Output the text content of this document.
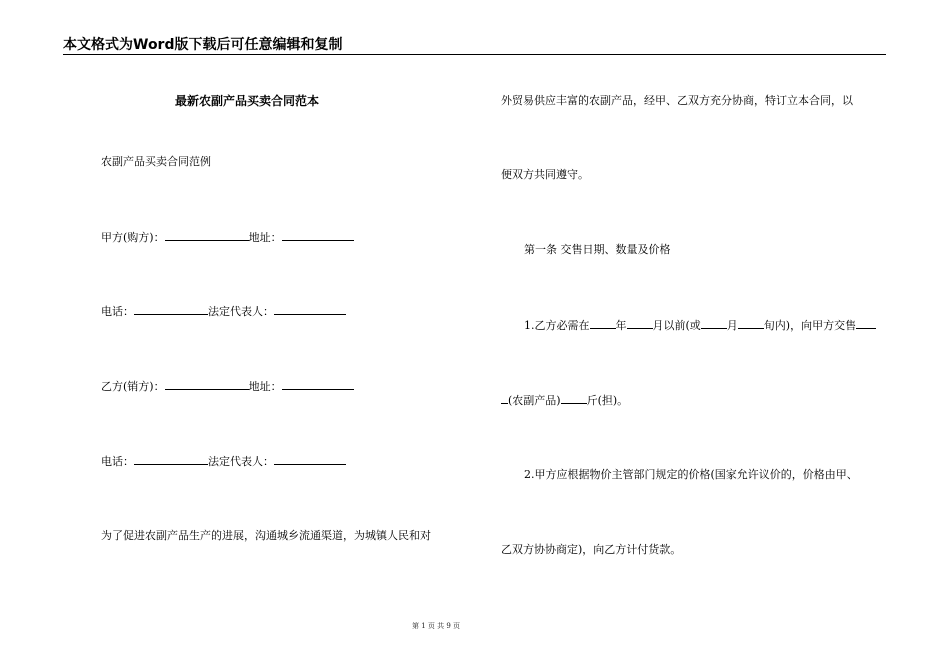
本文格式为Word版下载后可任意编辑和复制
最新农副产品买卖合同范本
农副产品买卖合同范例
甲方(购方)：	地址：
电话：	法定代表人：
乙方(销方)：	地址：
电话：	法定代表人：
为了促进农副产品生产的进展，沟通城乡流通渠道，为城镇人民和对
外贸易供应丰富的农副产品，经甲、乙双方充分协商，特订立本合同，以
便双方共同遵守。
第一条 交售日期、数量及价格
1.乙方必需在 年 月以前(或 月 旬内)，向甲方交售
(农副产品) 斤(担)。
2.甲方应根据物价主管部门规定的价格(国家允许议价的，价格由甲、
乙双方协协商定)，向乙方计付货款。
第 1 页 共 9 页
